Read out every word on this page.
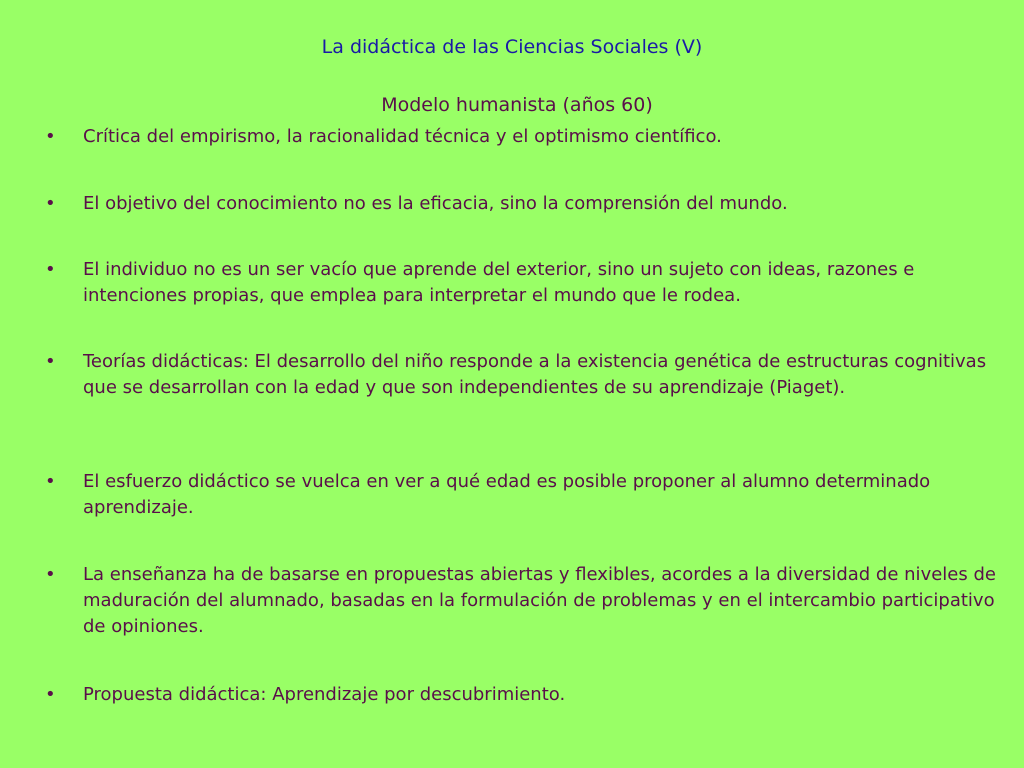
La didáctica de las Ciencias Sociales (V)
Modelo humanista (años 60)
•	Crítica del empirismo, la racionalidad técnica y el optimismo científico.
•	El objetivo del conocimiento no es la eficacia, sino la comprensión del mundo.
•	El individuo no es un ser vacío que aprende del exterior, sino un sujeto con ideas, razones e intenciones propias, que emplea para interpretar el mundo que le rodea.
•	Teorías didácticas: El desarrollo del niño responde a la existencia genética de estructuras cognitivas que se desarrollan con la edad y que son independientes de su aprendizaje (Piaget).
•	El esfuerzo didáctico se vuelca en ver a qué edad es posible proponer al alumno determinado aprendizaje.
•	La enseñanza ha de basarse en propuestas abiertas y flexibles, acordes a la diversidad de niveles de maduración del alumnado, basadas en la formulación de problemas y en el intercambio participativo de opiniones.
•	Propuesta didáctica: Aprendizaje por descubrimiento.
